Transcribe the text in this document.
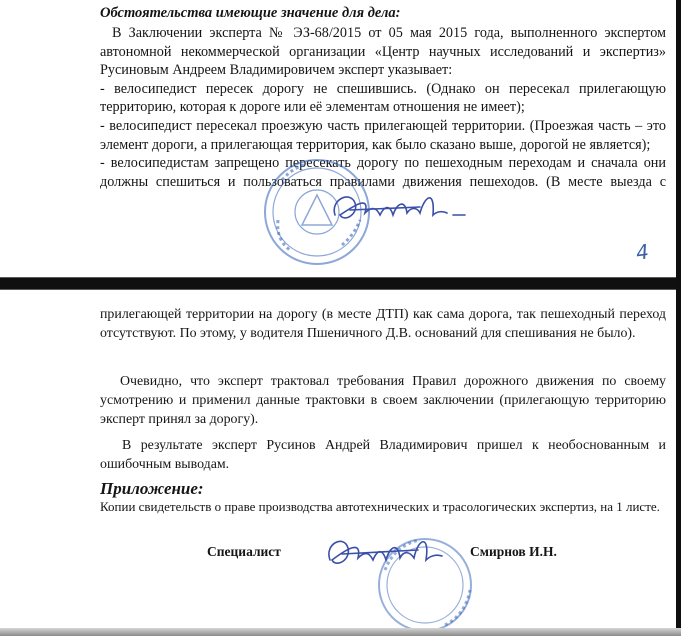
Обстоятельства имеющие значение для дела:
В Заключении эксперта № ЭЗ-68/2015 от 05 мая 2015 года, выполненного экспертом
автономной некоммерческой организации «Центр научных исследований и экспертиз»
Русиновым Андреем Владимировичем эксперт указывает:
- велосипедист пересек дорогу не спешившись. (Однако он пересекал прилегающую
территорию, которая к дороге или её элементам отношения не имеет);
- велосипедист пересекал проезжую часть прилегающей территории. (Проезжая часть – это
элемент дороги, а прилегающая территория, как было сказано выше, дорогой не является);
- велосипедистам запрещено пересекать дорогу по пешеходным переходам и сначала они
должны спешиться и пользоваться правилами движения пешеходов. (В месте выезда с
4
прилегающей территории на дорогу (в месте ДТП) как сама дорога, так пешеходный переход
отсутствуют. По этому, у водителя Пшеничного Д.В. оснований для спешивания не было).
Очевидно, что эксперт трактовал требования Правил дорожного движения по своему
усмотрению и применил данные трактовки в своем заключении (прилегающую территорию
эксперт принял за дорогу).
В результате эксперт Русинов Андрей Владимирович пришел к необоснованным и
ошибочным выводам.
Приложение:
Копии свидетельств о праве производства автотехнических и трасологических экспертиз, на 1 листе.
Специалист	Смирнов И.Н.
